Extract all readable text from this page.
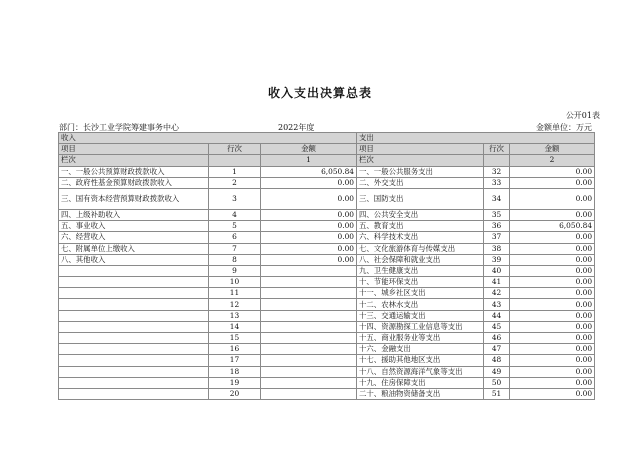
收入支出决算总表
公开01表
部门：长沙工业学院筹建事务中心	2022年度	金额单位：万元
收入			支出		
项目	行次	金额	项目	行次	金额
栏次		1	栏次		2
一、一般公共预算财政拨款收入	1	6,050.84	一、一般公共服务支出	32	0.00
二、政府性基金预算财政拨款收入	2	0.00	二、外交支出	33	0.00
三、国有资本经营预算财政拨款收入	3	0.00	三、国防支出	34	0.00
四、上级补助收入	4	0.00	四、公共安全支出	35	0.00
五、事业收入	5	0.00	五、教育支出	36	6,050.84
六、经营收入	6	0.00	六、科学技术支出	37	0.00
七、附属单位上缴收入	7	0.00	七、文化旅游体育与传媒支出	38	0.00
八、其他收入	8	0.00	八、社会保障和就业支出	39	0.00
	9		九、卫生健康支出	40	0.00
	10		十、节能环保支出	41	0.00
	11		十一、城乡社区支出	42	0.00
	12		十二、农林水支出	43	0.00
	13		十三、交通运输支出	44	0.00
	14		十四、资源勘探工业信息等支出	45	0.00
	15		十五、商业服务业等支出	46	0.00
	16		十六、金融支出	47	0.00
	17		十七、援助其他地区支出	48	0.00
	18		十八、自然资源海洋气象等支出	49	0.00
	19		十九、住房保障支出	50	0.00
	20		二十、粮油物资储备支出	51	0.00
